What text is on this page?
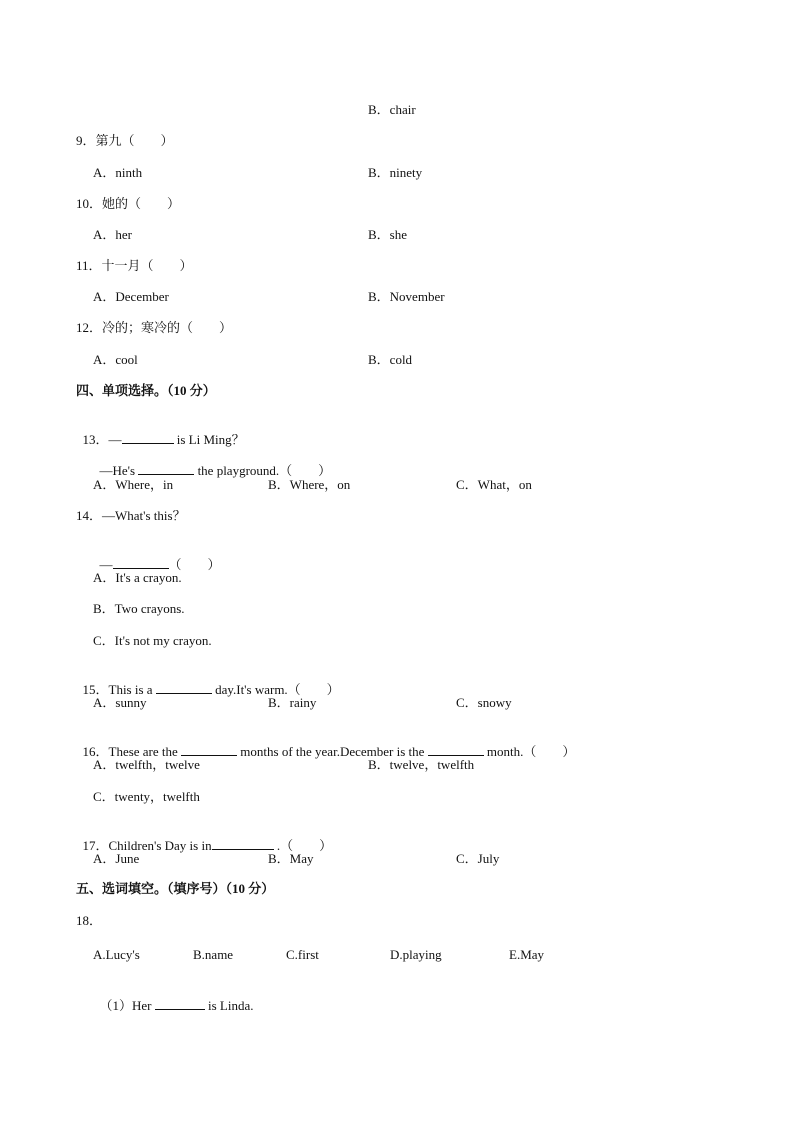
B．chair
9．第九（　　）
A．ninth	B．ninety
10．她的（　　）
A．her	B．she
11．十一月（　　）
A．December	B．November
12．冷的；寒冷的（　　）
A．cool	B．cold
四、单项选择。（10 分）

13．—	is Li Ming？

—He's	the playground.（　　）

A．Where，in	B．Where，on	C．What，on
14．—What's this？

—	（　　）

A．It's a crayon.
B．Two crayons.
C．It's not my crayon.

15．This is a	day.It's warm.（　　）

A．sunny	B．rainy	C．snowy

16．These are the	months of the year.December is the	month.（　　）

A．twelfth，twelve	B．twelve，twelfth
C．twenty，twelfth

17．Children's Day is in	.（　　）

A．June	B．May	C．July
五、选词填空。（填序号）（10 分）
18．
A.Lucy's	B.name	C.first	D.playing	E.May

（1）Her	is Linda.
